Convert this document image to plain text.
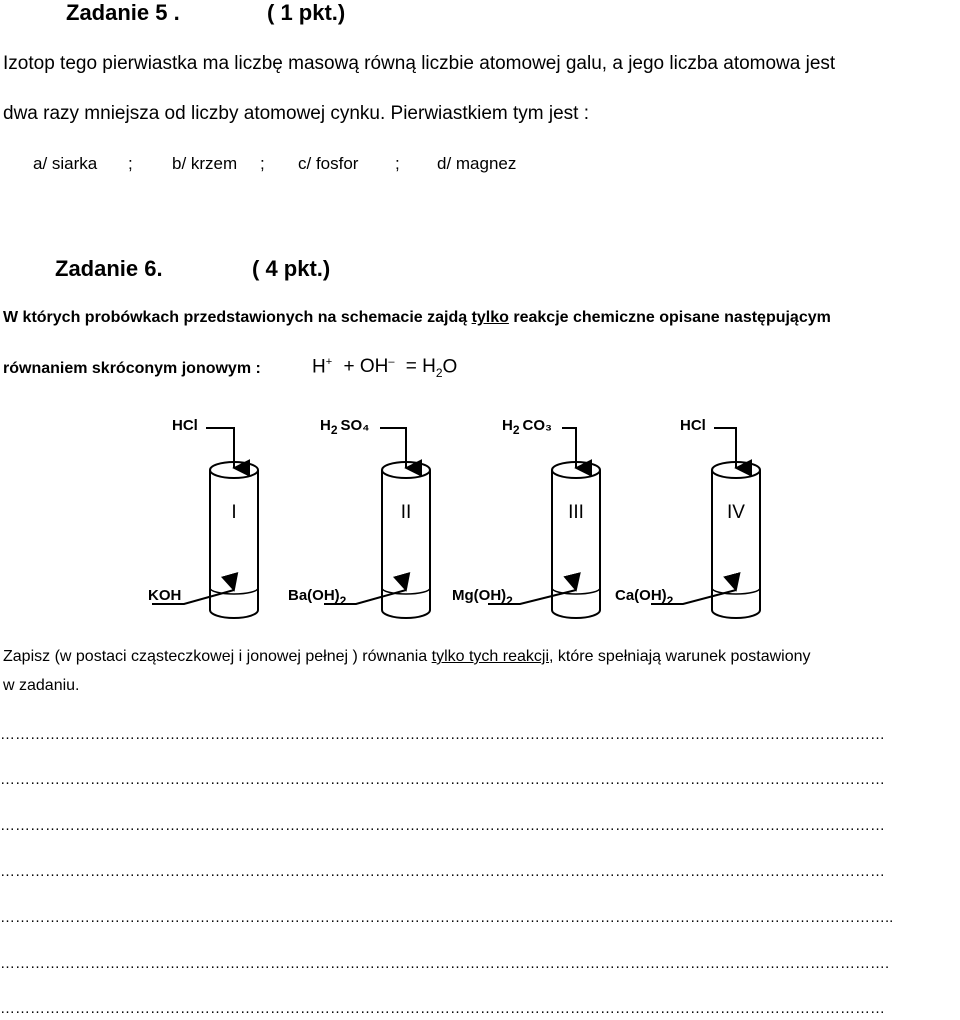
Zadanie 5 .	( 1 pkt.)
Izotop tego pierwiastka ma liczbę masową równą liczbie atomowej galu, a jego liczba atomowa jest
dwa razy mniejsza od liczby atomowej cynku. Pierwiastkiem tym jest :
a/ siarka ; b/ krzem ; c/ fosfor ; d/ magnez
Zadanie 6.	( 4 pkt.)
W których probówkach przedstawionych na schemacie zajdą tylko reakcje chemiczne opisane następującym
równaniem skróconym jonowym :	$H^+ + OH^- = H_2O$
I
HCl
KOH
II
$H_2$ SO₄
$Ba(OH)_2$
III
$H_2$ CO₃
$Mg(OH)_2$
IV
HCl
$Ca(OH)_2$
Zapisz (w postaci cząsteczkowej i jonowej pełnej ) równania tylko tych reakcji, które spełniają warunek postawiony
w zadaniu.
……………………………………………………………………………………………………………………………………………………………
……………………………………………………………………………………………………………………………………………………………
……………………………………………………………………………………………………………………………………………………………
……………………………………………………………………………………………………………………………………………………………
……………………………………………………………………………………………………………………………………………………………..
…………………………………………………………………………………………………………………………………………………………….
……………………………………………………………………………………………………………………………………………………………
